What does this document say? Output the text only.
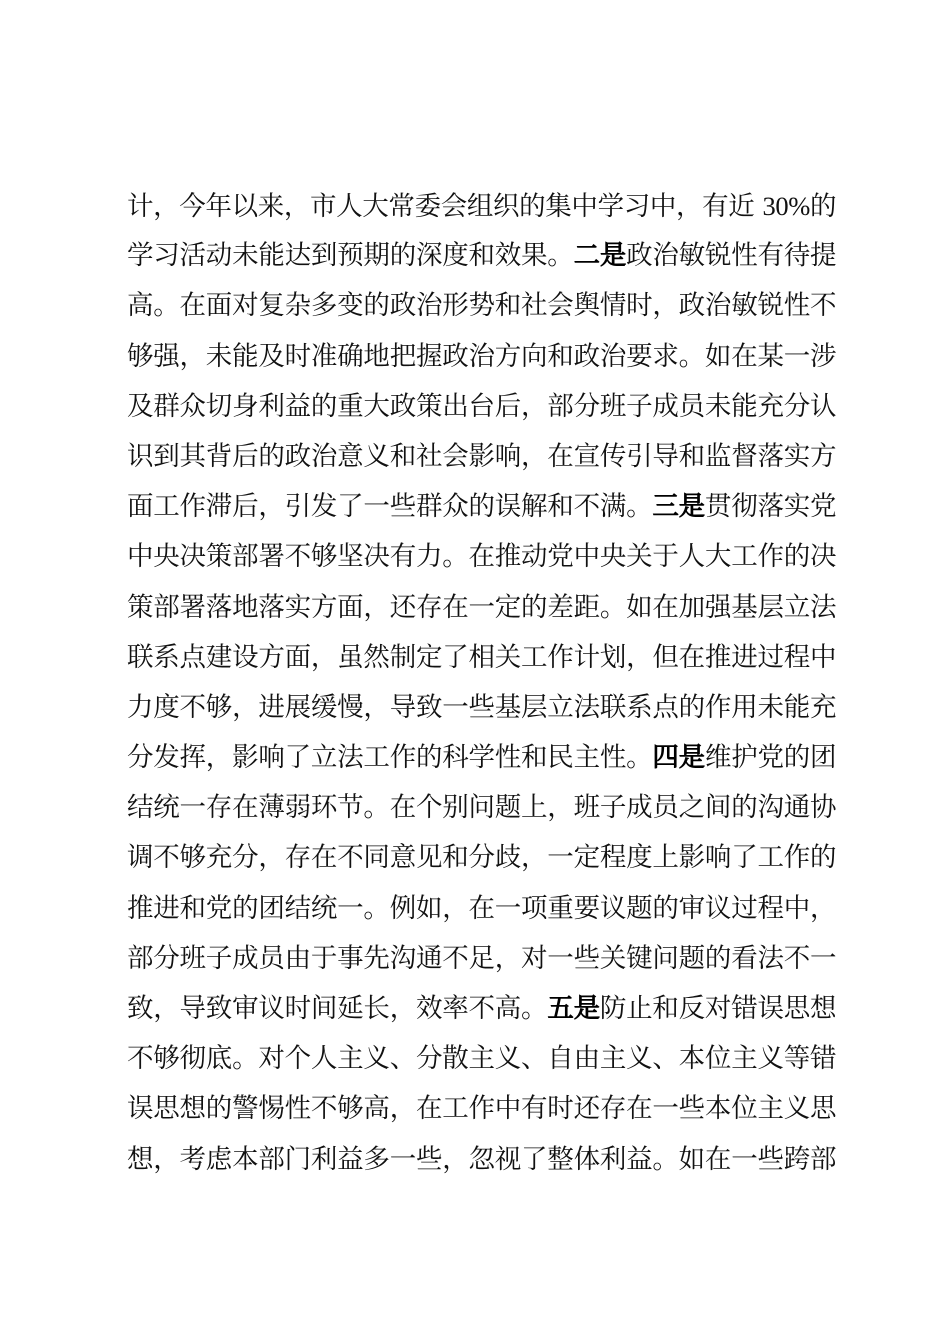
计，今年以来，市人大常委会组织的集中学习中，有近 30%的
学习活动未能达到预期的深度和效果。二是政治敏锐性有待提
高。在面对复杂多变的政治形势和社会舆情时，政治敏锐性不
够强，未能及时准确地把握政治方向和政治要求。如在某一涉
及群众切身利益的重大政策出台后，部分班子成员未能充分认
识到其背后的政治意义和社会影响，在宣传引导和监督落实方
面工作滞后，引发了一些群众的误解和不满。三是贯彻落实党
中央决策部署不够坚决有力。在推动党中央关于人大工作的决
策部署落地落实方面，还存在一定的差距。如在加强基层立法
联系点建设方面，虽然制定了相关工作计划，但在推进过程中
力度不够，进展缓慢，导致一些基层立法联系点的作用未能充
分发挥，影响了立法工作的科学性和民主性。四是维护党的团
结统一存在薄弱环节。在个别问题上，班子成员之间的沟通协
调不够充分，存在不同意见和分歧，一定程度上影响了工作的
推进和党的团结统一。例如，在一项重要议题的审议过程中，
部分班子成员由于事先沟通不足，对一些关键问题的看法不一
致，导致审议时间延长，效率不高。五是防止和反对错误思想
不够彻底。对个人主义、分散主义、自由主义、本位主义等错
误思想的警惕性不够高，在工作中有时还存在一些本位主义思
想，考虑本部门利益多一些，忽视了整体利益。如在一些跨部
